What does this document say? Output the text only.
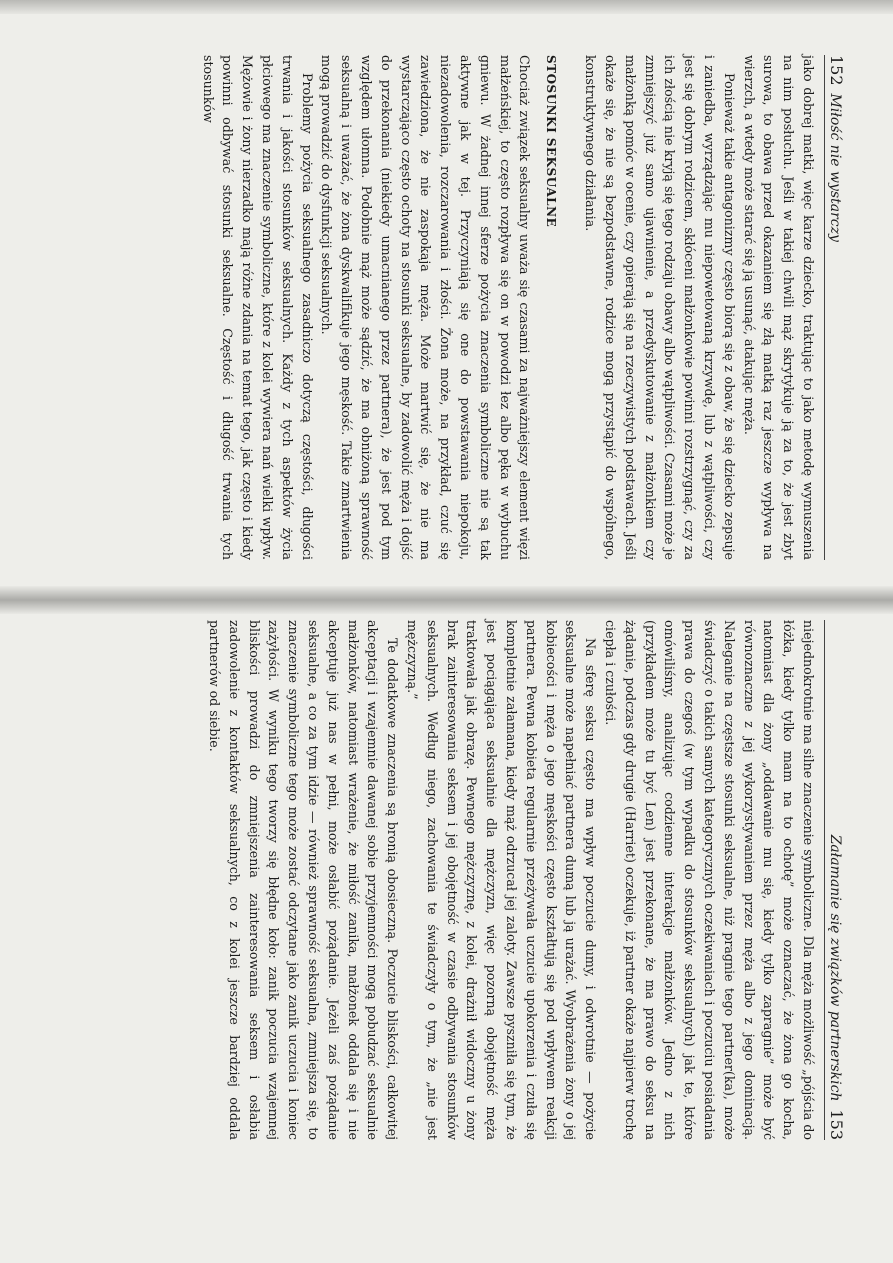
152
Miłość nie wystarczy

jako dobrej matki, więc karze dziecko, traktując to jako metodę wymuszenia na nim posłuchu. Jeśli w takiej chwili mąż skrytykuje ją za to, że jest zbyt surowa, to obawa przed okazaniem się złą matką raz jeszcze wypływa na wierzch, a wtedy może starać się ją usunąć, atakując męża.

Ponieważ takie antagonizmy często biorą się z obaw, że się dziecko zepsuje i zaniedba, wyrządzając mu niepowetowaną krzywdę, lub z wątpliwości, czy jest się dobrym rodzicem, skłóceni małżonkowie powinni rozstrzygnąć, czy za ich złością nie kryją się tego rodzaju obawy albo wątpliwości. Czasami może je zmniejszyć już samo ujawnienie, a przedyskutowanie z małżonkiem czy małżonką pomóc w ocenie, czy opierają się na rzeczywistych podstawach. Jeśli okaże się, że nie są bezpodstawne, rodzice mogą przystąpić do wspólnego, konstruktywnego działania.

STOSUNKI SEKSUALNE

Chociaż związek seksualny uważa się czasami za najważniejszy element więzi małżeńskiej, to często rozpływa się on w powodzi łez albo pęka w wybuchu gniewu. W żadnej innej sferze pożycia znaczenia symboliczne nie są tak aktywne jak w tej. Przyczyniają się one do powstawania niepokoju, niezadowolenia, rozczarowania i złości. Żona może, na przykład, czuć się zawiedziona, że nie zaspokaja męża. Może martwić się, że nie ma wystarczająco często ochoty na stosunki seksualne, by zadowolić męża i dojść do przekonania (niekiedy umacnianego przez partnera), że jest pod tym względem ułomna. Podobnie mąż może sądzić, że ma obniżoną sprawność seksualną i uważać, że żona dyskwalifikuje jego męskość. Takie zmartwienia mogą prowadzić do dysfunkcji seksualnych.

Problemy pożycia seksualnego zasadniczo dotyczą częstości, długości trwania i jakości stosunków seksualnych. Każdy z tych aspektów życia płciowego ma znaczenie symboliczne, które z kolei wywiera nań wielki wpływ. Mężowie i żony nierzadko mają różne zdania na temat tego, jak często i kiedy powinni odbywać stosunki seksualne. Częstość i długość trwania tych stosunków

Załamanie się związków partnerskich
153

niejednokrotnie ma silne znaczenie symboliczne. Dla męża możliwość „pójścia do łóżka, kiedy tylko mam na to ochotę” może oznaczać, że żona go kocha, natomiast dla żony „oddawanie mu się, kiedy tylko zapragnie” może być równoznaczne z jej wykorzystywaniem przez męża albo z jego dominacją. Naleganie na częstsze stosunki seksualne, niż pragnie tego partner(ka), może świadczyć o takich samych kategorycznych oczekiwaniach i poczuciu posiadania prawa do czegoś (w tym wypadku do stosunków seksualnych) jak te, które omówiliśmy, analizując codzienne interakcje małżonków. Jedno z nich (przykładem może tu być Len) jest przekonane, że ma prawo do seksu na żądanie, podczas gdy drugie (Harriet) oczekuje, iż partner okaże najpierw trochę ciepła i czułości.

Na sferę seksu często ma wpływ poczucie dumy, i odwrotnie — pożycie seksualne może napełniać partnera dumą lub ją urażać. Wyobrażenia żony o jej kobiecości i męża o jego męskości często kształtują się pod wpływem reakcji partnera. Pewna kobieta regularnie przeżywała uczucie upokorzenia i czuła się kompletnie załamana, kiedy mąż odrzucał jej zaloty. Zawsze pyszniła się tym, że jest pociągająca seksualnie dla mężczyzn, więc pozorną obojętność męża traktowała jak obrazę. Pewnego mężczyznę, z kolei, drażnił widoczny u żony brak zainteresowania seksem i jej obojętność w czasie odbywania stosunków seksualnych. Według niego, zachowania te świadczyły o tym, że „nie jest mężczyzną.”

Te dodatkowe znaczenia są bronią obosieczną. Poczucie bliskości, całkowitej akceptacji i wzajemnie dawanej sobie przyjemności mogą pobudzać seksualnie małżonków, natomiast wrażenie, że miłość zanika, małżonek oddala się i nie akceptuje już nas w pełni, może osłabić pożądanie. Jeżeli zaś pożądanie seksualne, a co za tym idzie — również sprawność seksualna, zmniejsza się, to znaczenie symboliczne tego może zostać odczytane jako zanik uczucia i koniec zażyłości. W wyniku tego tworzy się błędne koło: zanik poczucia wzajemnej bliskości prowadzi do zmniejszenia zainteresowania seksem i osłabia zadowolenie z kontaktów seksualnych, co z kolei jeszcze bardziej oddala partnerów od siebie.
